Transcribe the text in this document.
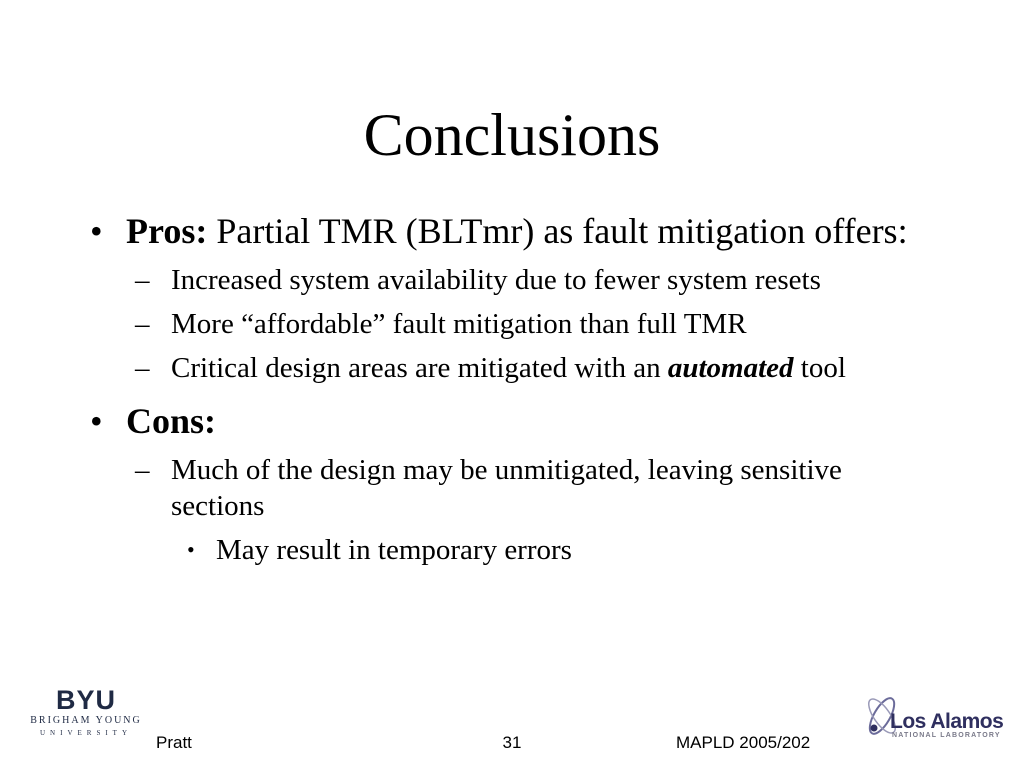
Conclusions
• Pros: Partial TMR (BLTmr) as fault mitigation offers:
– Increased system availability due to fewer system resets
– More “affordable” fault mitigation than full TMR
– Critical design areas are mitigated with an automated tool
• Cons:
– Much of the design may be unmitigated, leaving sensitive sections
• May result in temporary errors
BYU
BRIGHAM YOUNG
UNIVERSITY	Pratt	31	MAPLD 2005/202
Los Alamos
NATIONAL LABORATORY
